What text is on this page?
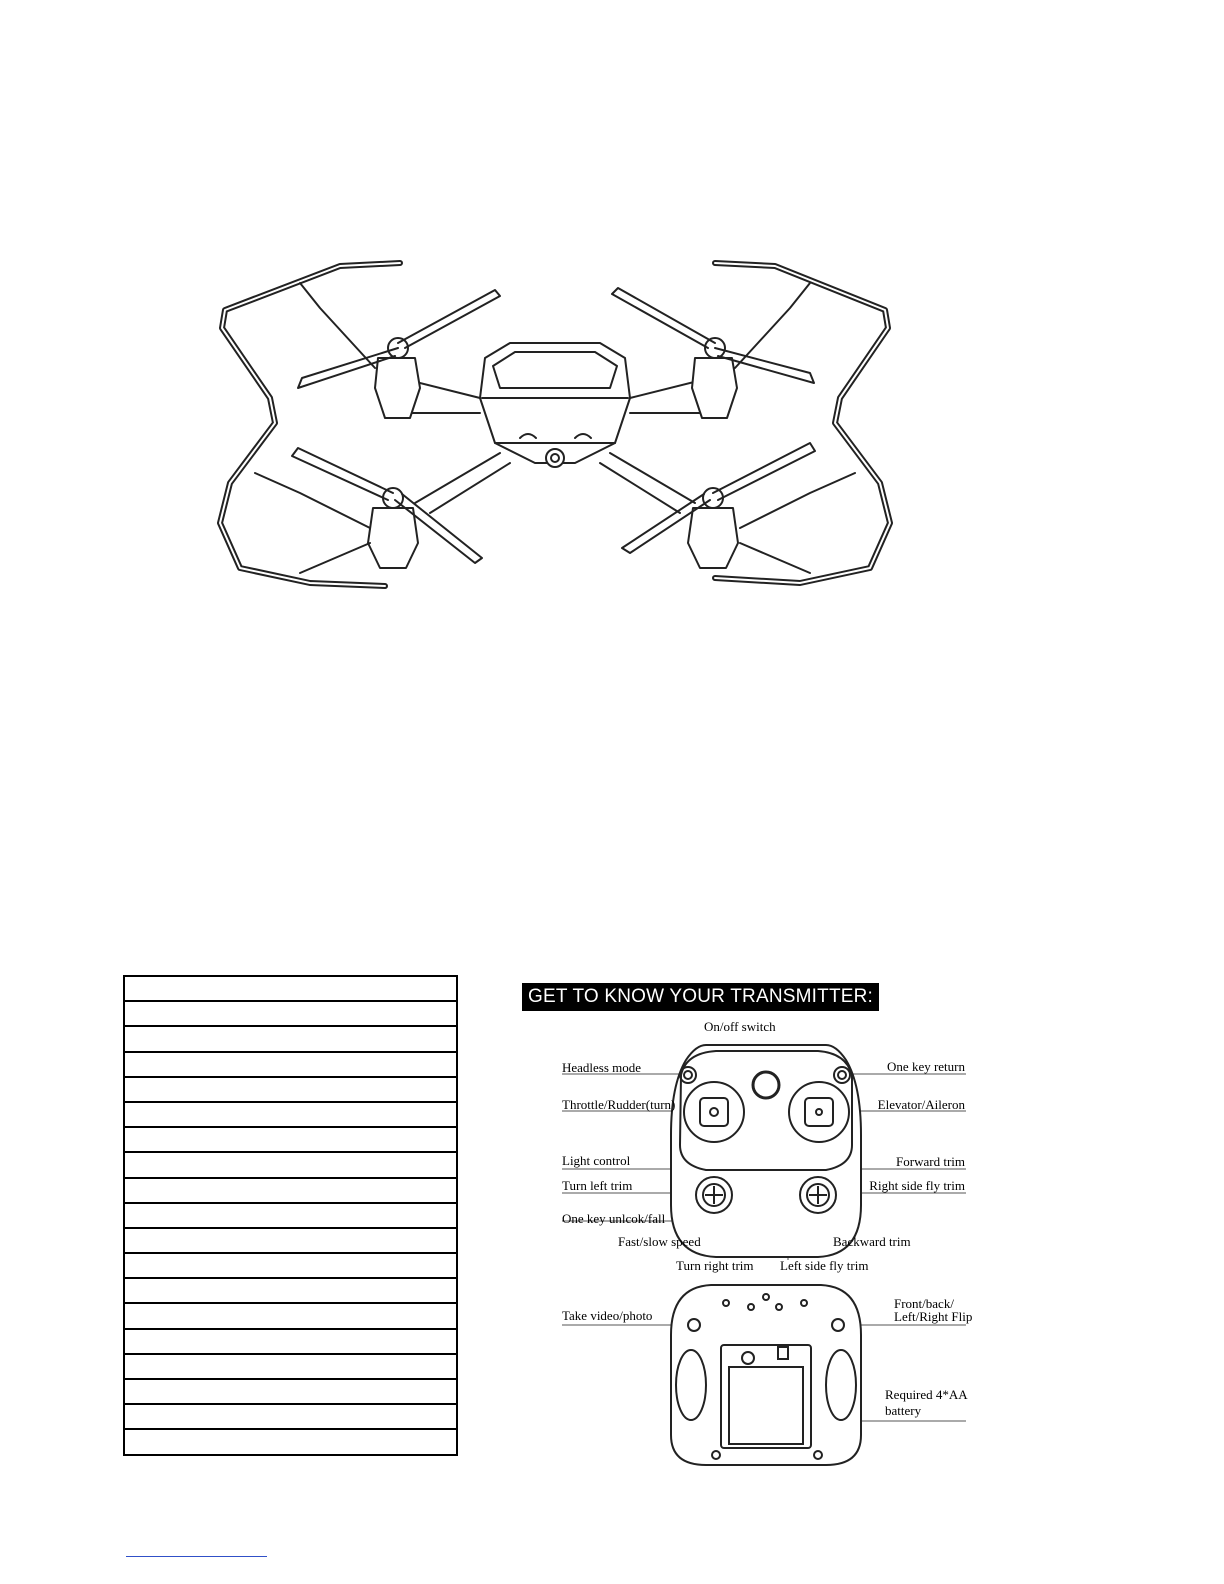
GET TO KNOW YOUR TRANSMITTER:
On/off switch
Headless mode	One key return
Throttle/Rudder(turn)	Elevator/Aileron
Light control	Forward trim
Turn left trim	Right side fly trim
One key unlcok/fall
Fast/slow speed	Backward trim
Turn right trim Left side fly trim
Take video/photo
Front/back/
Left/Right Flip
Required 4*AA
battery
